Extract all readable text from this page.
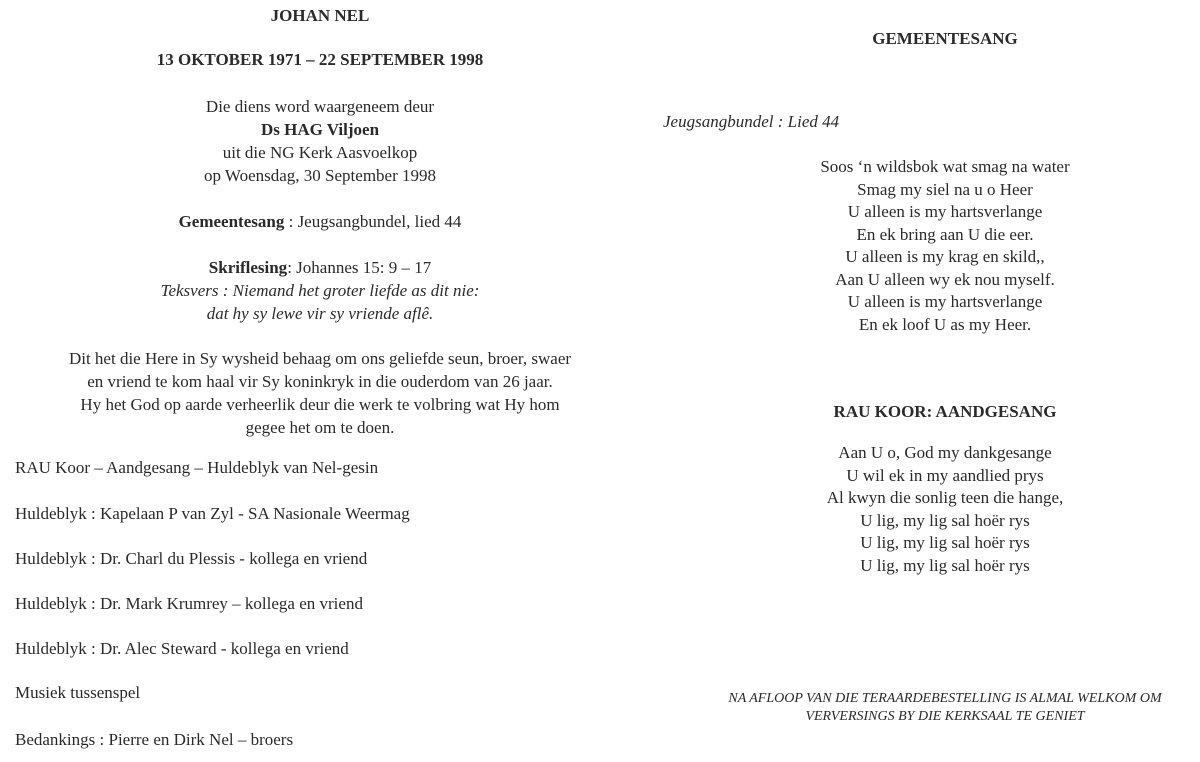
JOHAN NEL
13 OKTOBER 1971 – 22 SEPTEMBER 1998
Die diens word waargeneem deur
Ds HAG Viljoen
uit die NG Kerk Aasvoelkop
op Woensdag, 30 September 1998
Gemeentesang : Jeugsangbundel, lied 44
Skriflesing: Johannes 15: 9 – 17
Teksvers : Niemand het groter liefde as dit nie:
dat hy sy lewe vir sy vriende aflê.
Dit het die Here in Sy wysheid behaag om ons geliefde seun, broer, swaer
en vriend te kom haal vir Sy koninkryk in die ouderdom van 26 jaar.
Hy het God op aarde verheerlik deur die werk te volbring wat Hy hom
gegee het om te doen.
RAU Koor – Aandgesang – Huldeblyk van Nel-gesin
Huldeblyk : Kapelaan P van Zyl - SA Nasionale Weermag
Huldeblyk : Dr. Charl du Plessis - kollega en vriend
Huldeblyk : Dr. Mark Krumrey – kollega en vriend
Huldeblyk : Dr. Alec Steward - kollega en vriend
Musiek tussenspel
Bedankings : Pierre en Dirk Nel – broers
GEMEENTESANG
Jeugsangbundel : Lied 44
Soos ‘n wildsbok wat smag na water
Smag my siel na u o Heer
U alleen is my hartsverlange
En ek bring aan U die eer.
U alleen is my krag en skild,,
Aan U alleen wy ek nou myself.
U alleen is my hartsverlange
En ek loof U as my Heer.
RAU KOOR: AANDGESANG
Aan U o, God my dankgesange
U wil ek in my aandlied prys
Al kwyn die sonlig teen die hange,
U lig, my lig sal hoër rys
U lig, my lig sal hoër rys
U lig, my lig sal hoër rys
NA AFLOOP VAN DIE TERAARDEBESTELLING IS ALMAL WELKOM OM
VERVERSINGS BY DIE KERKSAAL TE GENIET
